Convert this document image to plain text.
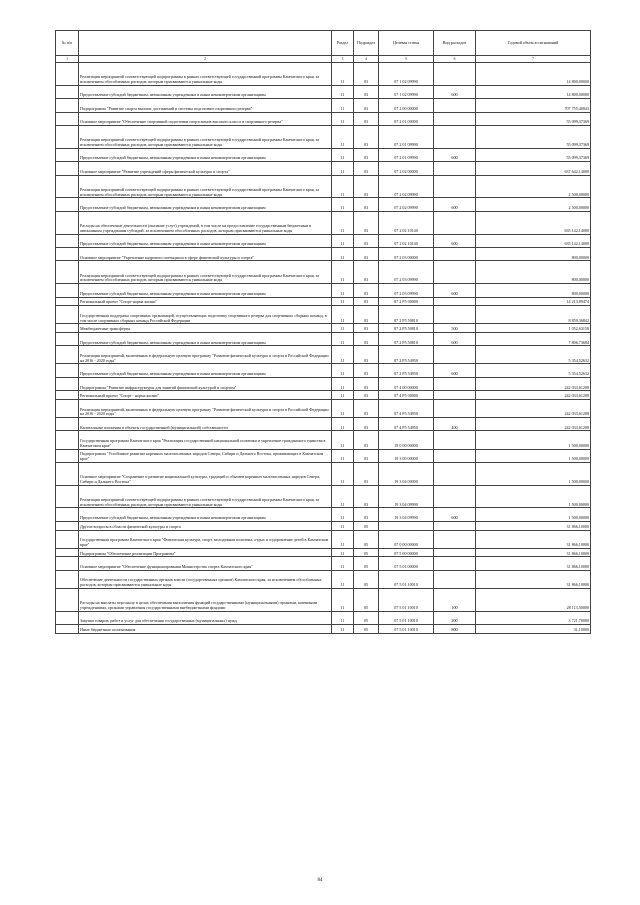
№ п/п		Раздел	Подраздел	Целевая статья	Вид расходов	Годовой объем ассигнований
1	2	3	4	5	6	7
	Реализация мероприятий соответствующей подпрограммы в рамках соответствующей государственной программы Камчатского края, за исключением обособленных расходов, которым присваиваются уникальные коды	11	03	07 1 02 09990		14 800,00000
	Предоставление субсидий бюджетным, автономным учреждениям и иным некоммерческим организациям	11	03	07 1 02 09990	600	14 800,00000
	Подпрограмма "Развитие спорта высших достижений и системы подготовки спортивного резерва"	11	03	07 2 00 00000		707 755,40843
	Основное мероприятие "Обеспечение спортивной подготовки спортсменов высокого класса и спортивного резерва"	11	03	07 2 01 00000		55 099,37369
	Реализация мероприятий соответствующей подпрограммы в рамках соответствующей государственной программы Камчатского края, за исключением обособленных расходов, которым присваиваются уникальные коды	11	03	07 2 01 09990		55 099,37369
	Предоставление субсидий бюджетным, автономным учреждениям и иным некоммерческим организациям	11	03	07 2 01 09990	600	55 099,37369
	Основное мероприятие "Развитие учреждений сферы физической культуры и спорта"	11	03	07 2 02 00000		637 642,14000
	Реализация мероприятий соответствующей подпрограммы в рамках соответствующей государственной программы Камчатского края, за исключением обособленных расходов, которым присваиваются уникальные коды	11	03	07 2 02 09990		2 500,00000
	Предоставление субсидий бюджетным, автономным учреждениям и иным некоммерческим организациям	11	03	07 2 02 09990	600	2 500,00000
	Расходы на обеспечение деятельности (оказание услуг) учреждений, в том числе на предоставление государственным бюджетным и автономным учреждениям субсидий, за исключением обособленных расходов, которым присваиваются уникальные коды	11	03	07 2 02 10140		635 142,14000
	Предоставление субсидий бюджетным, автономным учреждениям и иным некоммерческим организациям	11	03	07 2 02 10140	600	635 142,14000
	Основное мероприятие "Укрепление кадрового потенциала в сфере физической культуры и спорта"	11	03	07 2 03 00000		800,00000
	Реализация мероприятий соответствующей подпрограммы в рамках соответствующей государственной программы Камчатского края, за исключением обособленных расходов, которым присваиваются уникальные коды	11	03	07 2 03 09990		800,00000
	Предоставление субсидий бюджетным, автономным учреждениям и иным некоммерческим организациям	11	03	07 2 03 09990	600	800,00000
	Региональный проект "Спорт-норма жизни"	11	03	07 2 P5 00000		14 213,89474
	Государственная поддержка спортивных организаций, осуществляющих подготовку спортивного резерва для спортивных сборных команд, в том числе спортивных сборных команд Российской Федерации	11	03	07 2 P5 50810		8 859,36842
	Межбюджетные трансферты	11	03	07 2 P5 50810	500	1 052,63158
	Предоставление субсидий бюджетным, автономным учреждениям и иным некоммерческим организациям	11	03	07 2 P5 50810	600	7 806,73684
	Реализация мероприятий, включенных в федеральную целевую программу "Развитие физической культуры и спорта в Российской Федерации на 2016 - 2020 годы"	11	03	07 2 P5 54950		5 354,52632
	Предоставление субсидий бюджетным, автономным учреждениям и иным некоммерческим организациям	11	03	07 2 P5 54950	600	5 354,52632
	Подпрограмма "Развитие инфраструктуры для занятий физической культурой и спортом"	11	03	07 4 00 00000		242 033,61208
	Региональный проект "Спорт - норма жизни"	11	03	07 4 P5 00000		242 033,61208
	Реализация мероприятий, включенных в федеральную целевую программу "Развитие физической культуры и спорта в Российской Федерации на 2016 - 2020 годы"	11	03	07 4 P5 54950		242 033,61208
	Капитальные вложения в объекты государственной (муниципальной) собственности	11	03	07 4 P5 54950	400	242 033,61208
	Государственная программа Камчатского края "Реализация государственной национальной политики и укрепление гражданского единства в Камчатском крае"	11	03	19 0 00 00000		1 500,00000
	Подпрограмма "Устойчивое развитие коренных малочисленных народов Севера, Сибири и Дальнего Востока, проживающих в Камчатском крае"	11	03	19 3 00 00000		1 500,00000
	Основное мероприятие "Сохранение и развитие национальной культуры, традиций и обычаев коренных малочисленных народов Севера, Сибири и Дальнего Востока"	11	03	19 3 04 00000		1 500,00000
	Реализация мероприятий соответствующей подпрограммы в рамках соответствующей государственной программы Камчатского края, за исключением обособленных расходов, которым присваиваются уникальные коды	11	03	19 3 04 09990		1 500,00000
	Предоставление субсидий бюджетным, автономным учреждениям и иным некоммерческим организациям	11	03	19 3 04 09990	600	1 500,00000
	Другие вопросы в области физической культуры и спорта	11	05			31 866,10000
	Государственная программа Камчатского края "Физическая культура, спорт, молодежная политика, отдых и оздоровление детей в Камчатском крае"	11	05	07 0 00 00000		31 866,10000
	Подпрограмма "Обеспечение реализации Программы"	11	05	07 5 00 00000		31 866,10000
	Основное мероприятие "Обеспечение функционирования Министерства спорта Камчатского края"	11	05	07 5 01 00000		31 866,10000
	Обеспечение деятельности государственных органов власти (государственных органов) Камчатского края, за исключением обособленных расходов, которым присваиваются уникальные коды	11	05	07 5 01 10010		31 866,10000
	Расходы на выплаты персоналу в целях обеспечения выполнения функций государственными (муниципальными) органами, казенными учреждениями, органами управления государственными внебюджетными фондами	11	05	07 5 01 10010	100	28 113,50000
	Закупка товаров, работ и услуг для обеспечения государственных (муниципальных) нужд	11	05	07 5 01 10010	200	3 721,70000
	Иные бюджетные ассигнования	11	05	07 5 01 10010	800	31,10000
84
